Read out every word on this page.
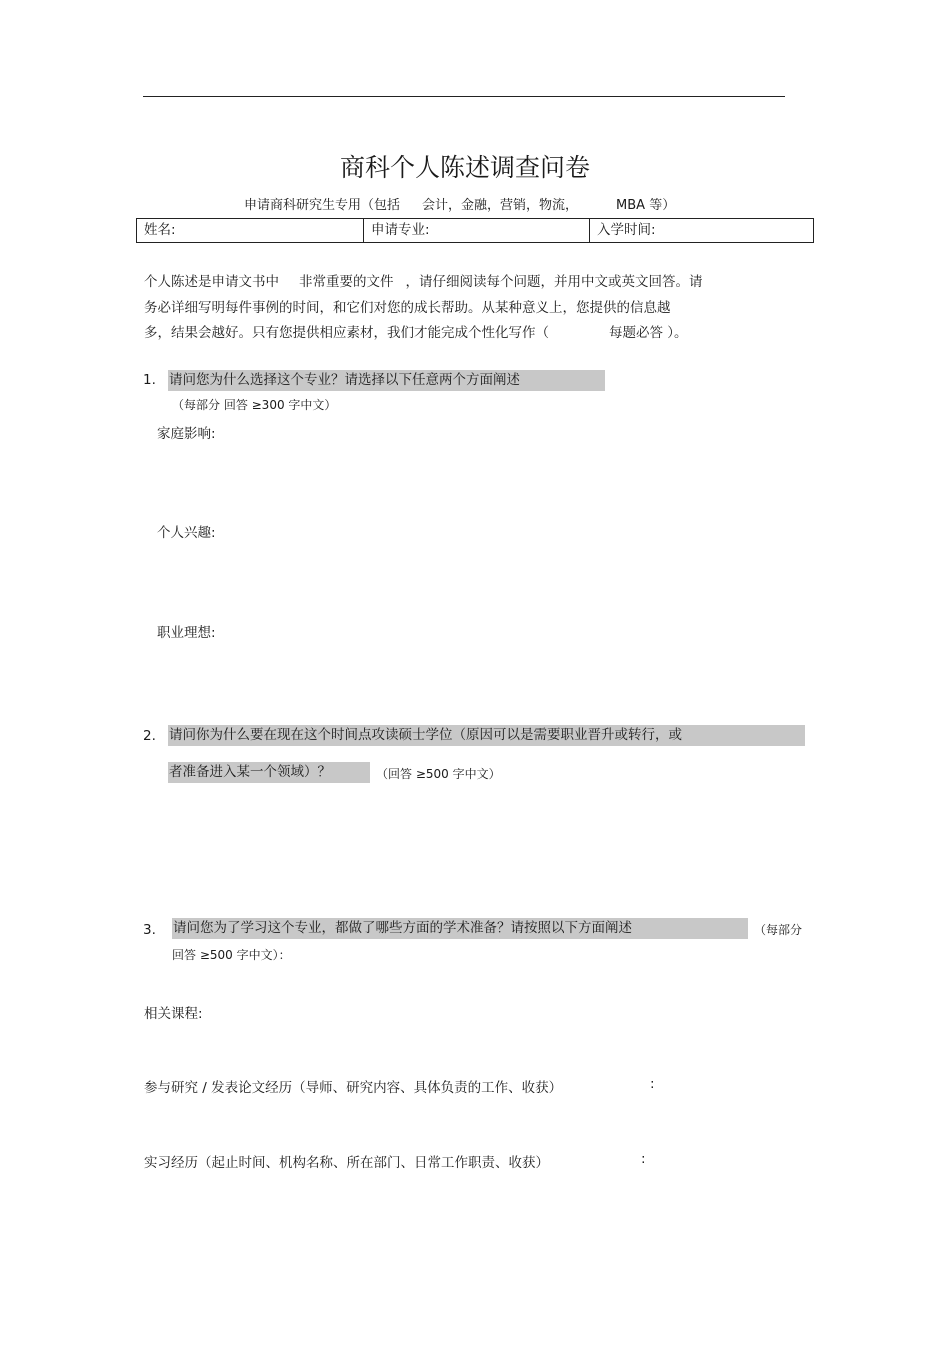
商科个人陈述调查问卷
申请商科研究生专用（包括 会计，金融，营销，物流，	MBA 等）
姓名:	申请专业:	入学时间:
个人陈述是申请文书中 非常重要的文件 ，请仔细阅读每个问题，并用中文或英文回答。请
务必详细写明每件事例的时间，和它们对您的成长帮助。从某种意义上，您提供的信息越
多，结果会越好。只有您提供相应素材，我们才能完成个性化写作（	每题必答 ）。
1. 请问您为什么选择这个专业？请选择以下任意两个方面阐述
（每部分 回答 ≥300 字中文）
家庭影响:
个人兴趣:
职业理想:
2. 请问你为什么要在现在这个时间点攻读硕士学位（原因可以是需要职业晋升或转行，或
者准备进入某一个领域）？	（回答 ≥500 字中文）
3. 请问您为了学习这个专业，都做了哪些方面的学术准备？请按照以下方面阐述	（每部分
回答 ≥500 字中文）：
相关课程:
参与研究 / 发表论文经历（导师、研究内容、具体负责的工作、收获）	:
实习经历（起止时间、机构名称、所在部门、日常工作职责、收获）	:
